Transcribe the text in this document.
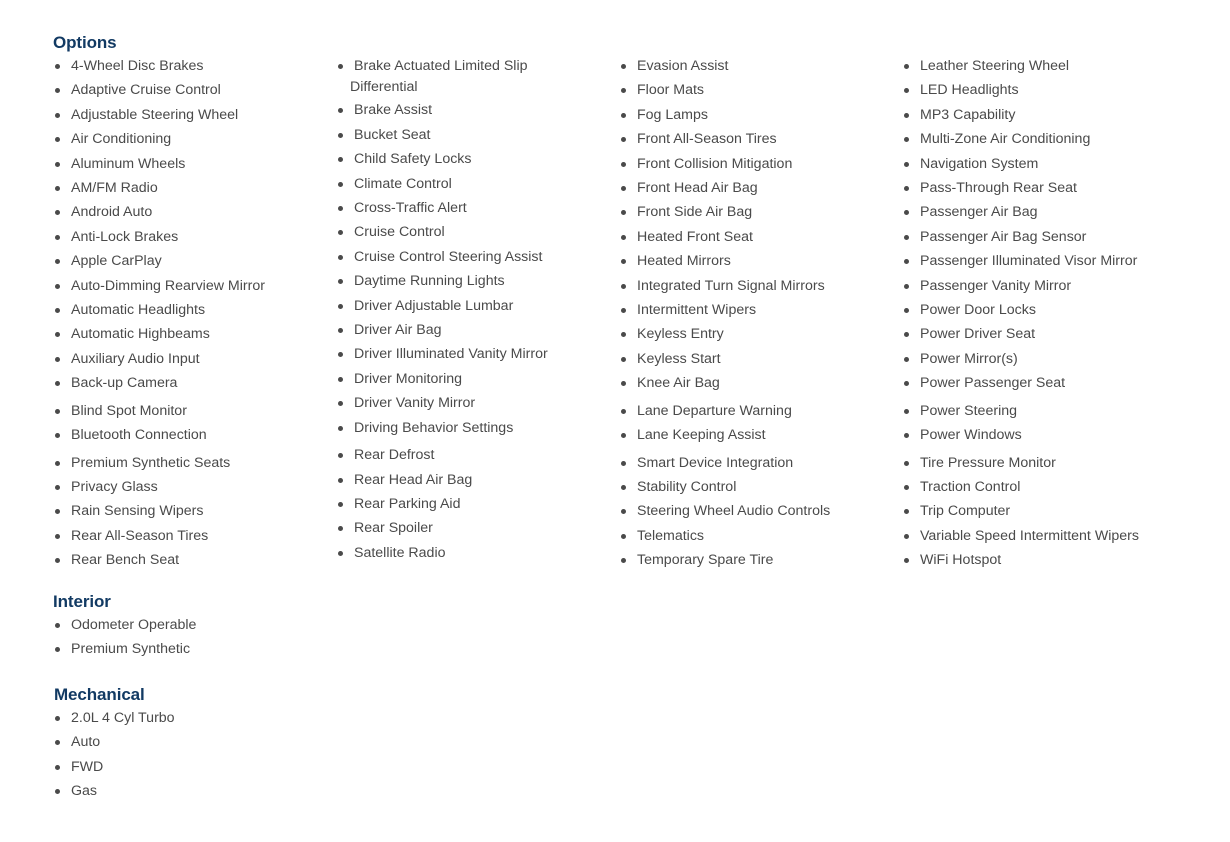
Options
4-Wheel Disc Brakes
Adaptive Cruise Control
Adjustable Steering Wheel
Air Conditioning
Aluminum Wheels
AM/FM Radio
Android Auto
Anti-Lock Brakes
Apple CarPlay
Auto-Dimming Rearview Mirror
Automatic Headlights
Automatic Highbeams
Auxiliary Audio Input
Back-up Camera
Blind Spot Monitor
Bluetooth Connection
Premium Synthetic Seats
Privacy Glass
Rain Sensing Wipers
Rear All-Season Tires
Rear Bench Seat
Brake Actuated Limited Slip
Differential
Brake Assist
Bucket Seat
Child Safety Locks
Climate Control
Cross-Traffic Alert
Cruise Control
Cruise Control Steering Assist
Daytime Running Lights
Driver Adjustable Lumbar
Driver Air Bag
Driver Illuminated Vanity Mirror
Driver Monitoring
Driver Vanity Mirror
Driving Behavior Settings
Rear Defrost
Rear Head Air Bag
Rear Parking Aid
Rear Spoiler
Satellite Radio
Evasion Assist
Floor Mats
Fog Lamps
Front All-Season Tires
Front Collision Mitigation
Front Head Air Bag
Front Side Air Bag
Heated Front Seat
Heated Mirrors
Integrated Turn Signal Mirrors
Intermittent Wipers
Keyless Entry
Keyless Start
Knee Air Bag
Lane Departure Warning
Lane Keeping Assist
Smart Device Integration
Stability Control
Steering Wheel Audio Controls
Telematics
Temporary Spare Tire
Leather Steering Wheel
LED Headlights
MP3 Capability
Multi-Zone Air Conditioning
Navigation System
Pass-Through Rear Seat
Passenger Air Bag
Passenger Air Bag Sensor
Passenger Illuminated Visor Mirror
Passenger Vanity Mirror
Power Door Locks
Power Driver Seat
Power Mirror(s)
Power Passenger Seat
Power Steering
Power Windows
Tire Pressure Monitor
Traction Control
Trip Computer
Variable Speed Intermittent Wipers
WiFi Hotspot
Interior
Odometer Operable
Premium Synthetic
Mechanical
2.0L 4 Cyl Turbo
Auto
FWD
Gas
